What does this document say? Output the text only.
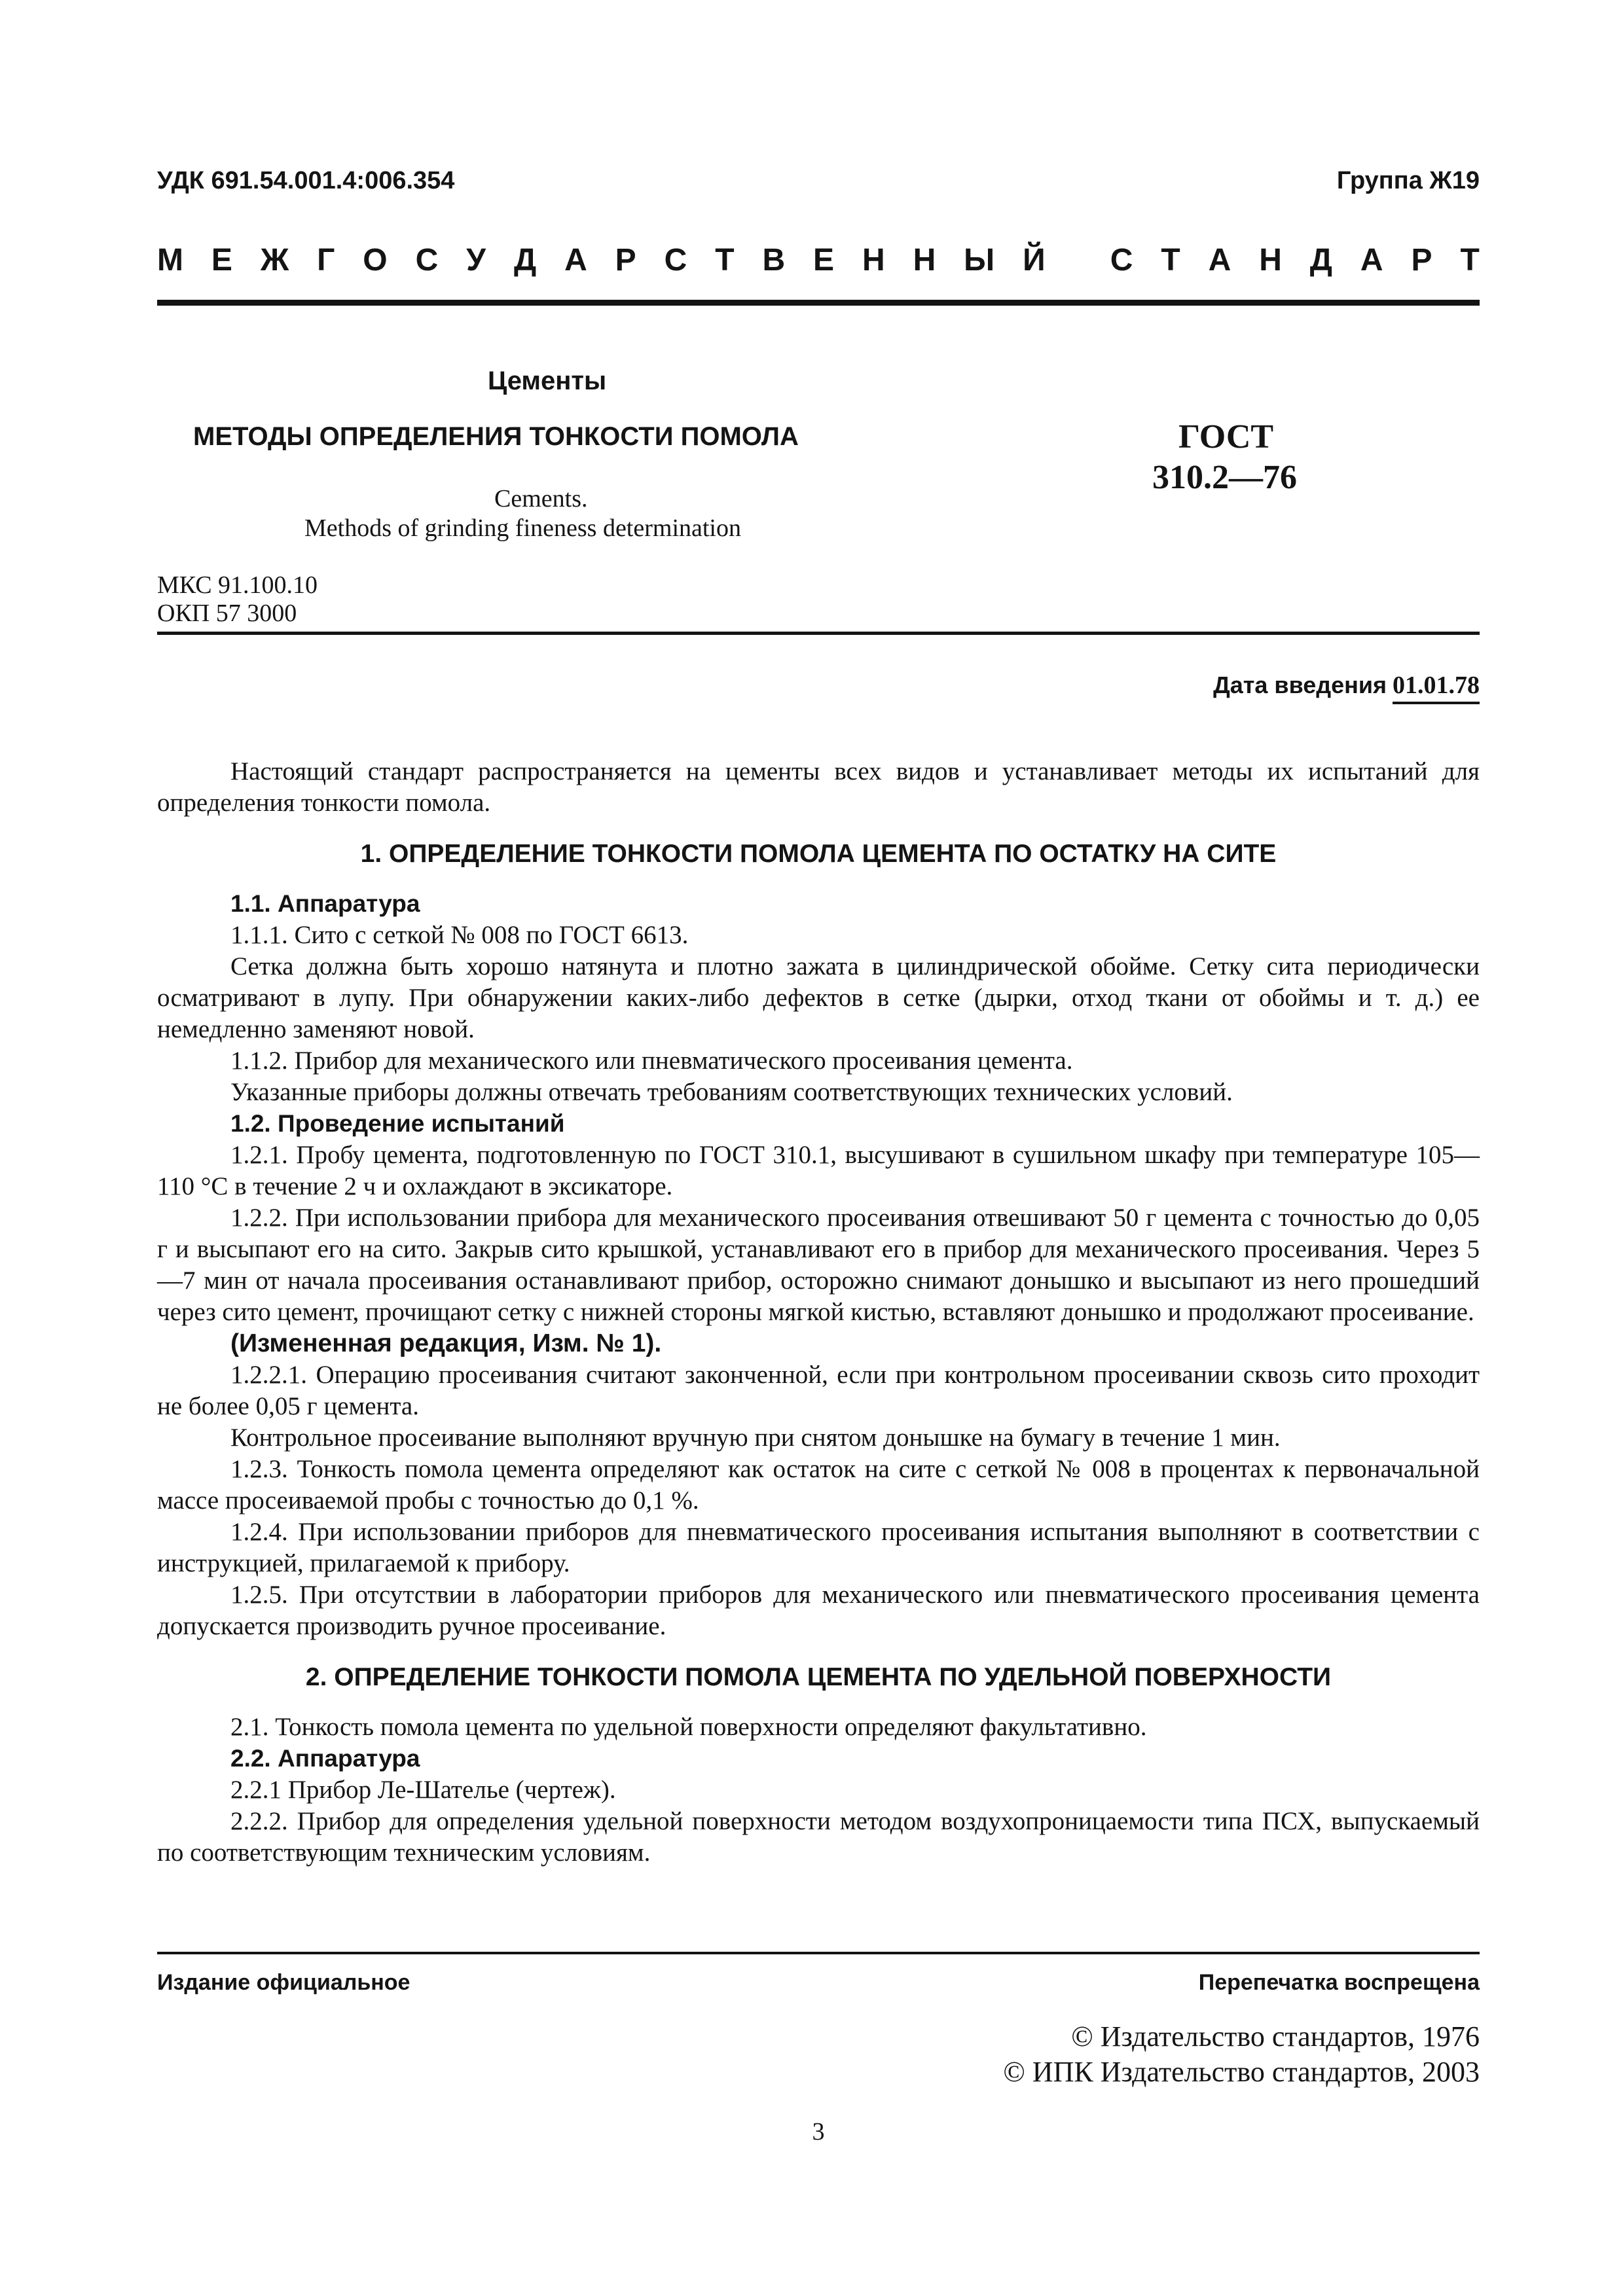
УДК 691.54.001.4:006.354	Группа Ж19
М Е Ж Г О С У Д А Р С Т В Е Н Н Ы Й
С Т А Н Д А Р Т
Цементы
МЕТОДЫ ОПРЕДЕЛЕНИЯ ТОНКОСТИ ПОМОЛА
Cements.
Methods of grinding fineness determination
ГОСТ
310.2—76
МКС 91.100.10
ОКП 57 3000
Дата введения 01.01.78

Настоящий стандарт распространяется на цементы всех видов и устанавливает методы их испытаний для определения тонкости помола.

1. ОПРЕДЕЛЕНИЕ ТОНКОСТИ ПОМОЛА ЦЕМЕНТА ПО ОСТАТКУ НА СИТЕ

1.1. Аппаратура

1.1.1. Сито с сеткой № 008 по ГОСТ 6613.

Сетка должна быть хорошо натянута и плотно зажата в цилиндрической обойме. Сетку сита периодически осматривают в лупу. При обнаружении каких-либо дефектов в сетке (дырки, отход ткани от обоймы и т. д.) ее немедленно заменяют новой.

1.1.2. Прибор для механического или пневматического просеивания цемента.

Указанные приборы должны отвечать требованиям соответствующих технических условий.

1.2. Проведение испытаний

1.2.1. Пробу цемента, подготовленную по ГОСТ 310.1, высушивают в сушильном шкафу при температуре 105—110 °С в течение 2 ч и охлаждают в эксикаторе.

1.2.2. При использовании прибора для механического просеивания отвешивают 50 г цемента с точностью до 0,05 г и высыпают его на сито. Закрыв сито крышкой, устанавливают его в прибор для механического просеивания. Через 5—7 мин от начала просеивания останавливают прибор, осторожно снимают донышко и высыпают из него прошедший через сито цемент, прочищают сетку с нижней стороны мягкой кистью, вставляют донышко и продолжают просеивание.

(Измененная редакция, Изм. № 1).

1.2.2.1. Операцию просеивания считают законченной, если при контрольном просеивании сквозь сито проходит не более 0,05 г цемента.

Контрольное просеивание выполняют вручную при снятом донышке на бумагу в течение 1 мин.

1.2.3. Тонкость помола цемента определяют как остаток на сите с сеткой № 008 в процентах к первоначальной массе просеиваемой пробы с точностью до 0,1 %.

1.2.4. При использовании приборов для пневматического просеивания испытания выполняют в соответствии с инструкцией, прилагаемой к прибору.

1.2.5. При отсутствии в лаборатории приборов для механического или пневматического просеивания цемента допускается производить ручное просеивание.

2. ОПРЕДЕЛЕНИЕ ТОНКОСТИ ПОМОЛА ЦЕМЕНТА ПО УДЕЛЬНОЙ ПОВЕРХНОСТИ

2.1. Тонкость помола цемента по удельной поверхности определяют факультативно.

2.2. Аппаратура

2.2.1 Прибор Ле-Шателье (чертеж).

2.2.2. Прибор для определения удельной поверхности методом воздухопроницаемости типа ПСХ, выпускаемый по соответствующим техническим условиям.

Издание официальное	Перепечатка воспрещена
© Издательство стандартов, 1976
© ИПК Издательство стандартов, 2003
3
